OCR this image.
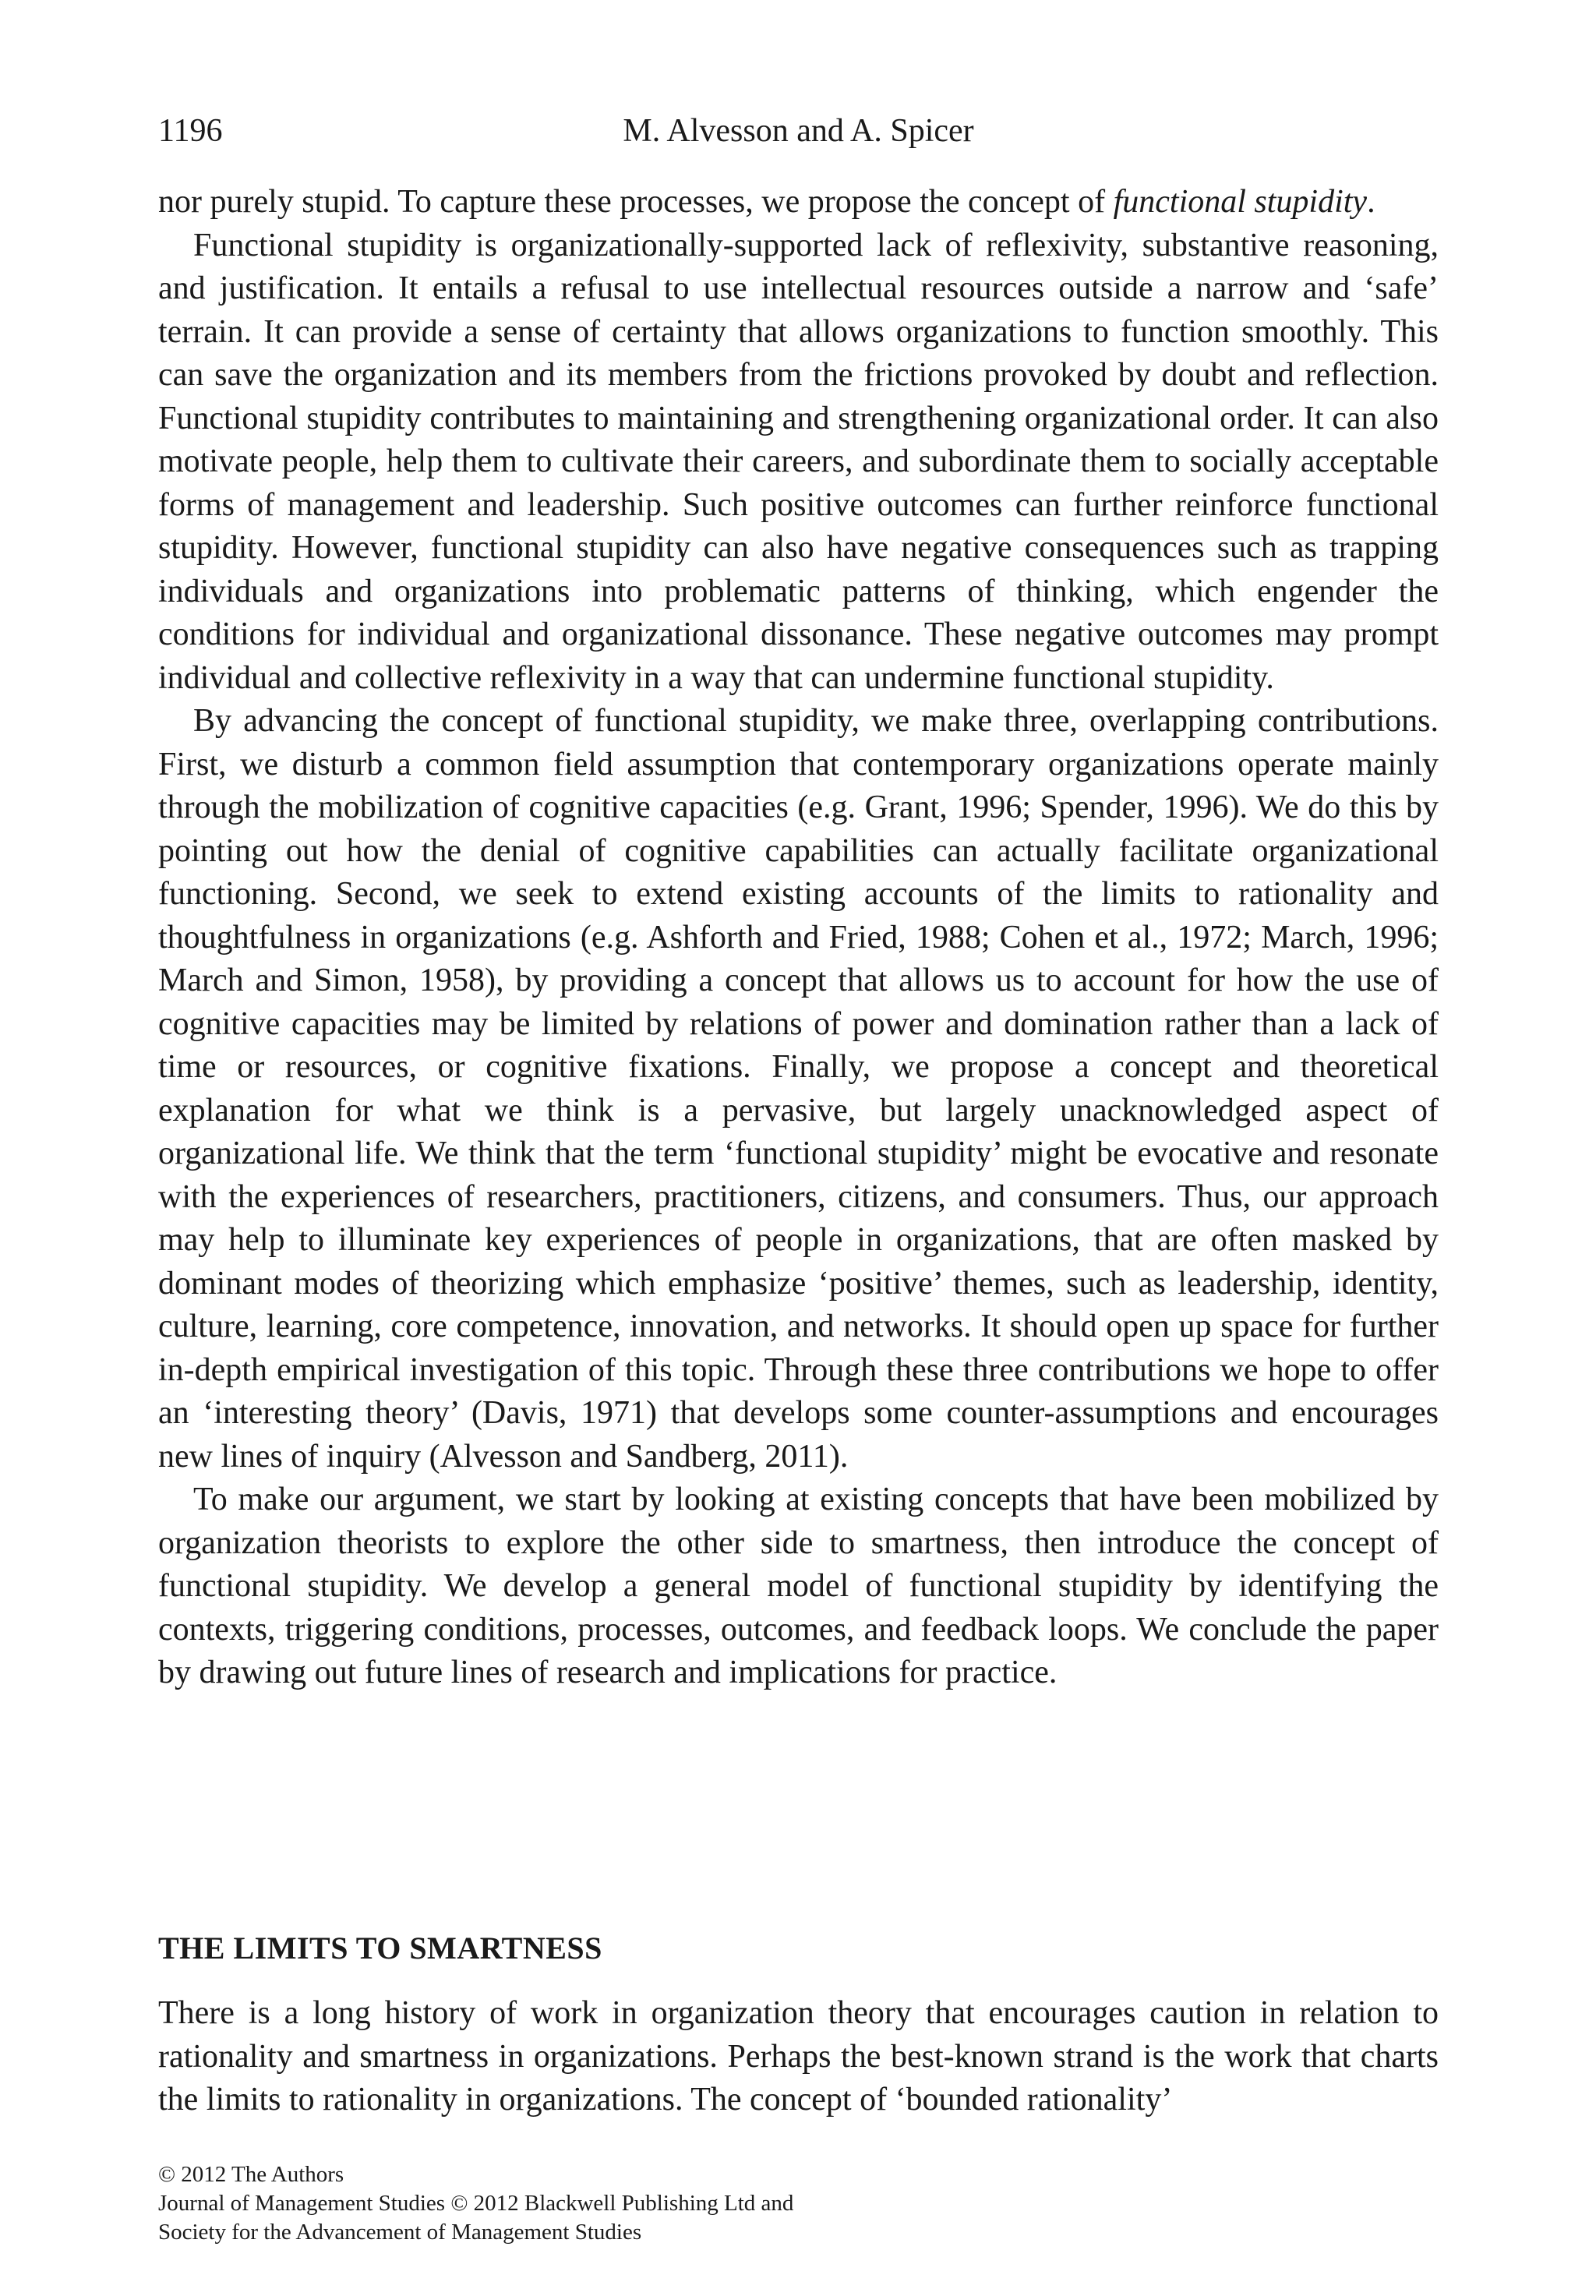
1196	M. Alvesson and A. Spicer

nor purely stupid. To capture these processes, we propose the concept of functional stupidity.

Functional stupidity is organizationally-supported lack of reflexivity, substantive reasoning, and justification. It entails a refusal to use intellectual resources outside a narrow and ‘safe’ terrain. It can provide a sense of certainty that allows organizations to function smoothly. This can save the organization and its members from the frictions provoked by doubt and reflection. Functional stupidity contributes to maintaining and strengthening organizational order. It can also motivate people, help them to cultivate their careers, and subordinate them to socially acceptable forms of management and leadership. Such positive outcomes can further reinforce functional stupidity. However, functional stupidity can also have negative consequences such as trapping individuals and organizations into problematic patterns of thinking, which engender the conditions for individual and organizational dissonance. These negative outcomes may prompt individual and collective reflexivity in a way that can undermine functional stupidity.

By advancing the concept of functional stupidity, we make three, overlapping contributions. First, we disturb a common field assumption that contemporary organizations operate mainly through the mobilization of cognitive capacities (e.g. Grant, 1996; Spender, 1996). We do this by pointing out how the denial of cognitive capabilities can actually facilitate organizational functioning. Second, we seek to extend existing accounts of the limits to rationality and thoughtfulness in organizations (e.g. Ashforth and Fried, 1988; Cohen et al., 1972; March, 1996; March and Simon, 1958), by providing a concept that allows us to account for how the use of cognitive capacities may be limited by relations of power and domination rather than a lack of time or resources, or cognitive fixations. Finally, we propose a concept and theoretical explanation for what we think is a pervasive, but largely unacknowledged aspect of organizational life. We think that the term ‘functional stupidity’ might be evocative and resonate with the experiences of researchers, practitioners, citizens, and consumers. Thus, our approach may help to illuminate key experiences of people in organizations, that are often masked by dominant modes of theorizing which emphasize ‘positive’ themes, such as leadership, identity, culture, learning, core competence, innovation, and networks. It should open up space for further in-depth empirical investigation of this topic. Through these three contributions we hope to offer an ‘interesting theory’ (Davis, 1971) that develops some counter-assumptions and encourages new lines of inquiry (Alvesson and Sandberg, 2011).

To make our argument, we start by looking at existing concepts that have been mobilized by organization theorists to explore the other side to smartness, then introduce the concept of functional stupidity. We develop a general model of functional stupidity by identifying the contexts, triggering conditions, processes, outcomes, and feedback loops. We conclude the paper by drawing out future lines of research and implications for practice.

THE LIMITS TO SMARTNESS

There is a long history of work in organization theory that encourages caution in relation to rationality and smartness in organizations. Perhaps the best-known strand is the work that charts the limits to rationality in organizations. The concept of ‘bounded rationality’

© 2012 The Authors
Journal of Management Studies © 2012 Blackwell Publishing Ltd and
Society for the Advancement of Management Studies
